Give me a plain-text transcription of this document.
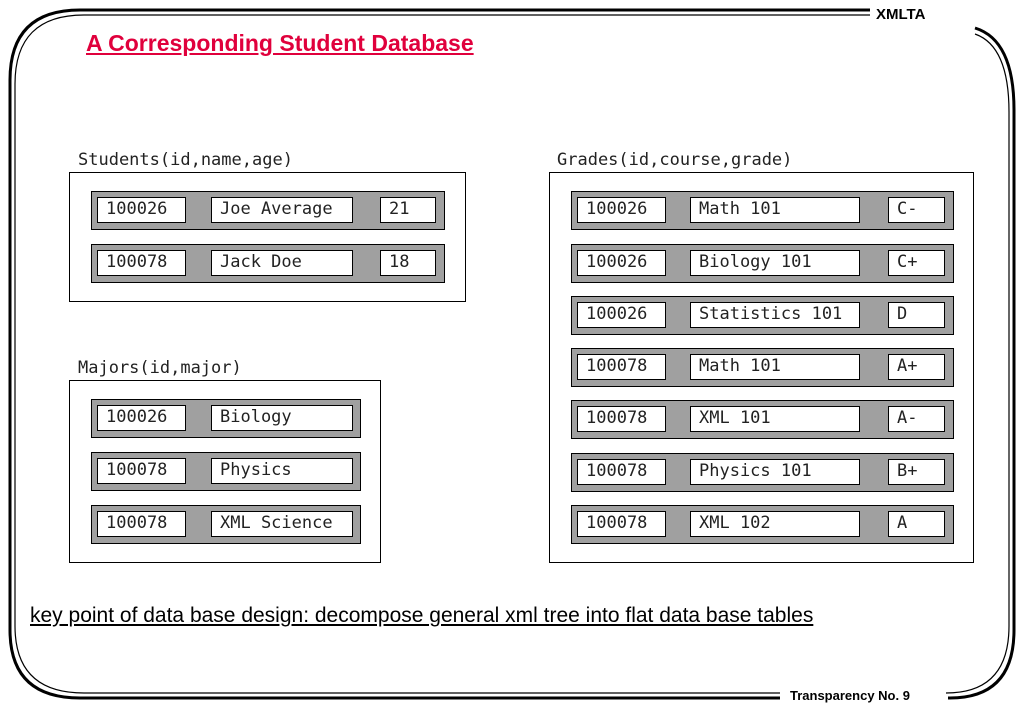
XMLTA
Transparency No. 9
A Corresponding Student Database
Students(id,name,age)
100026	Joe Average	21
100078	Jack Doe	18
Majors(id,major)
100026	Biology
100078	Physics
100078	XML Science
Grades(id,course,grade)
100026	Math 101	C-
100026	Biology 101	C+
100026	Statistics 101	D
100078	Math 101	A+
100078	XML 101	A-
100078	Physics 101	B+
100078	XML 102	A
key point of data base design: decompose general xml tree into flat data base tables
